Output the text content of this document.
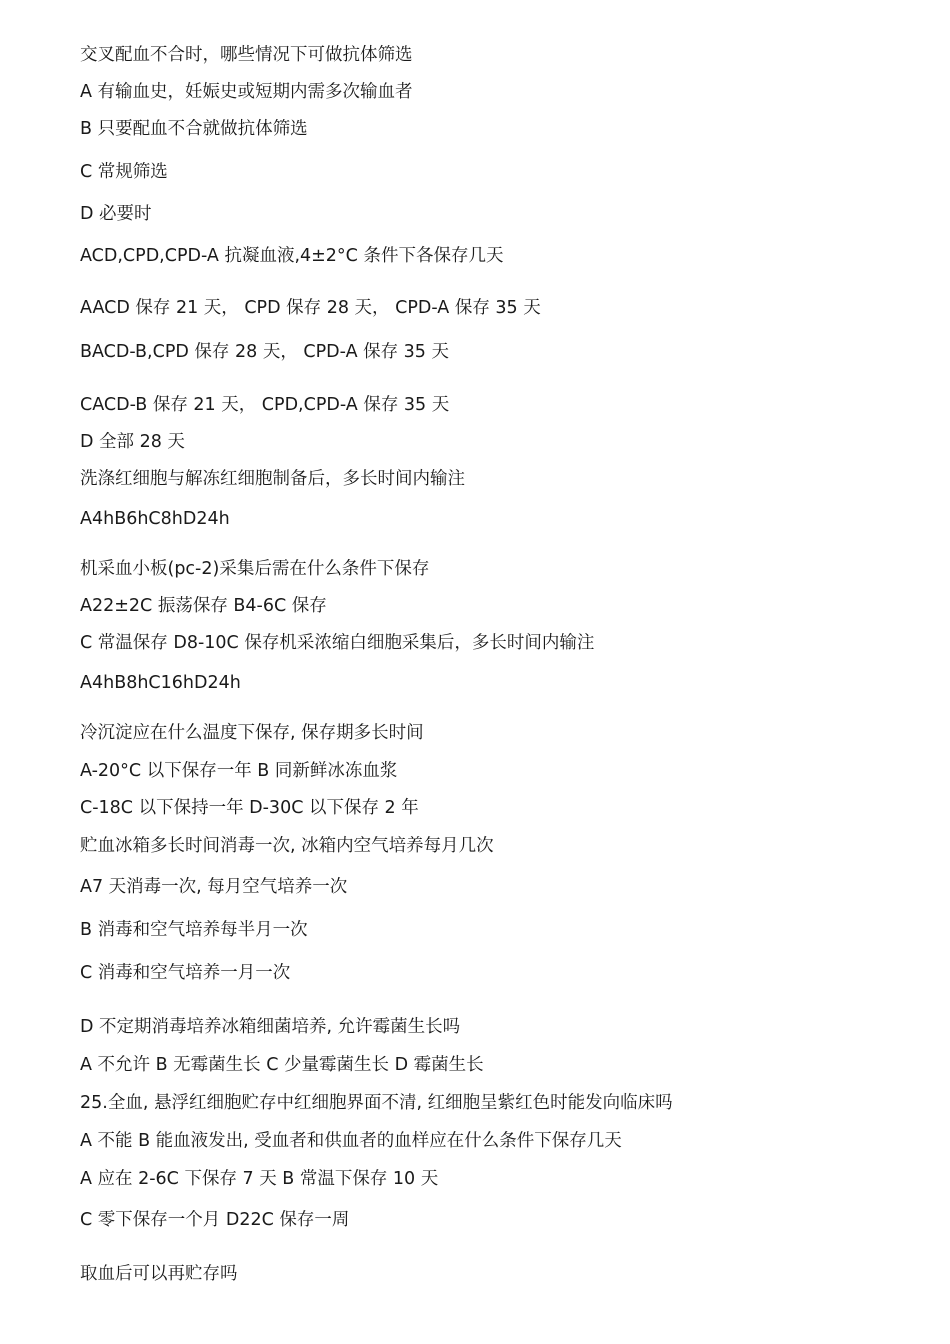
交叉配血不合时，哪些情况下可做抗体筛选

A 有输血史，妊娠史或短期内需多次输血者

B 只要配血不合就做抗体筛选

C 常规筛选

D 必要时

ACD,CPD,CPD-A 抗凝血液,4±2°C 条件下各保存几天

AACD 保存 21 天， CPD 保存 28 天， CPD-A 保存 35 天

BACD-B,CPD 保存 28 天， CPD-A 保存 35 天

CACD-B 保存 21 天， CPD,CPD-A 保存 35 天

D 全部 28 天

洗涤红细胞与解冻红细胞制备后，多长时间内输注

A4hB6hC8hD24h

机采血小板(pc-2)采集后需在什么条件下保存

A22±2C 振荡保存 B4-6C 保存

C 常温保存 D8-10C 保存机采浓缩白细胞采集后，多长时间内输注

A4hB8hC16hD24h

冷沉淀应在什么温度下保存, 保存期多长时间

A-20°C 以下保存一年 B 同新鲜冰冻血浆

C-18C 以下保持一年 D-30C 以下保存 2 年

贮血冰箱多长时间消毒一次, 冰箱内空气培养每月几次

A7 天消毒一次, 每月空气培养一次

B 消毒和空气培养每半月一次

C 消毒和空气培养一月一次

D 不定期消毒培养冰箱细菌培养, 允许霉菌生长吗

A 不允许 B 无霉菌生长 C 少量霉菌生长 D 霉菌生长

25.全血, 悬浮红细胞贮存中红细胞界面不清, 红细胞呈紫红色时能发向临床吗

A 不能 B 能血液发出, 受血者和供血者的血样应在什么条件下保存几天

A 应在 2-6C 下保存 7 天 B 常温下保存 10 天

C 零下保存一个月 D22C 保存一周

取血后可以再贮存吗
